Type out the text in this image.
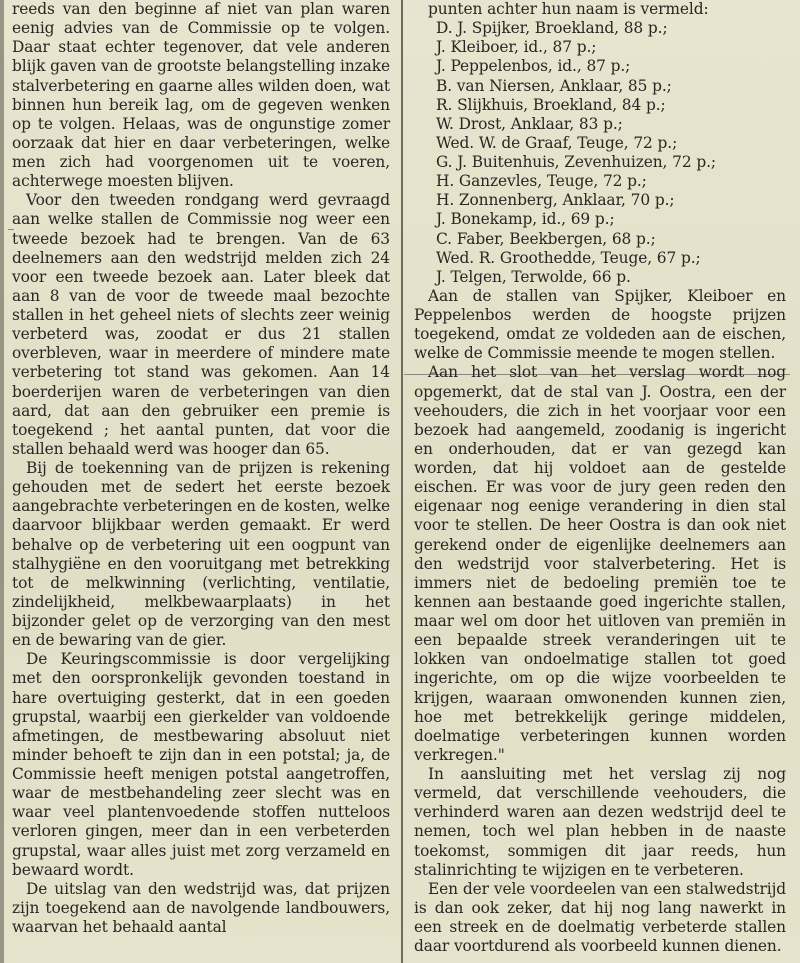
reeds van den beginne af niet van plan waren eenig advies van de Commissie op te volgen. Daar staat echter tegenover, dat vele anderen blijk gaven van de grootste belangstelling inzake stalverbetering en gaarne alles wilden doen, wat binnen hun bereik lag, om de gegeven wenken op te volgen. Helaas, was de ongunstige zomer oorzaak dat hier en daar verbeteringen, welke men zich had voorgenomen uit te voeren, achterwege moesten blijven.

Voor den tweeden rondgang werd gevraagd aan welke stallen de Commissie nog weer een tweede bezoek had te brengen. Van de 63 deelnemers aan den wedstrijd melden zich 24 voor een tweede bezoek aan. Later bleek dat aan 8 van de voor de tweede maal bezochte stallen in het geheel niets of slechts zeer weinig verbeterd was, zoodat er dus 21 stallen overbleven, waar in meerdere of mindere mate verbetering tot stand was gekomen. Aan 14 boerderijen waren de verbeteringen van dien aard, dat aan den gebruiker een premie is toegekend ; het aantal punten, dat voor die stallen behaald werd was hooger dan 65.

Bij de toekenning van de prijzen is rekening gehouden met de sedert het eerste bezoek aangebrachte verbeteringen en de kosten, welke daarvoor blijkbaar werden gemaakt. Er werd behalve op de verbetering uit een oogpunt van stalhygiëne en den vooruitgang met betrekking tot de melkwinning (verlichting, ventilatie, zindelijkheid, melkbewaarplaats) in het bijzonder gelet op de verzorging van den mest en de bewaring van de gier.

De Keuringscommissie is door vergelijking met den oorspronkelijk gevonden toestand in hare overtuiging gesterkt, dat in een goeden grupstal, waarbij een gierkelder van voldoende afmetingen, de mestbewaring absoluut niet minder behoeft te zijn dan in een potstal; ja, de Commissie heeft menigen potstal aangetroffen, waar de mestbehandeling zeer slecht was en waar veel plantenvoedende stoffen nutteloos verloren gingen, meer dan in een verbeterden grupstal, waar alles juist met zorg verzameld en bewaard wordt.

De uitslag van den wedstrijd was, dat prijzen zijn toegekend aan de navolgende landbouwers, waarvan het behaald aantal

punten achter hun naam is vermeld:

D. J. Spijker, Broekland, 88 p.;
J. Kleiboer, id., 87 p.;
J. Peppelenbos, id., 87 p.;
B. van Niersen, Anklaar, 85 p.;
R. Slijkhuis, Broekland, 84 p.;
W. Drost, Anklaar, 83 p.;
Wed. W. de Graaf, Teuge, 72 p.;
G. J. Buitenhuis, Zevenhuizen, 72 p.;
H. Ganzevles, Teuge, 72 p.;
H. Zonnenberg, Anklaar, 70 p.;
J. Bonekamp, id., 69 p.;
C. Faber, Beekbergen, 68 p.;
Wed. R. Groothedde, Teuge, 67 p.;
J. Telgen, Terwolde, 66 p.

Aan de stallen van Spijker, Kleiboer en Peppelenbos werden de hoogste prijzen toegekend, omdat ze voldeden aan de eischen, welke de Commissie meende te mogen stellen.

Aan het slot van het verslag wordt nog opgemerkt, dat de stal van J. Oostra, een der veehouders, die zich in het voorjaar voor een bezoek had aangemeld, zoodanig is ingericht en onderhouden, dat er van gezegd kan worden, dat hij voldoet aan de gestelde eischen. Er was voor de jury geen reden den eigenaar nog eenige verandering in dien stal voor te stellen. De heer Oostra is dan ook niet gerekend onder de eigenlijke deelnemers aan den wedstrijd voor stalverbetering. Het is immers niet de bedoeling premiën toe te kennen aan bestaande goed ingerichte stallen, maar wel om door het uitloven van premiën in een bepaalde streek veranderingen uit te lokken van ondoelmatige stallen tot goed ingerichte, om op die wijze voorbeelden te krijgen, waaraan omwonenden kunnen zien, hoe met betrekkelijk geringe middelen, doelmatige verbeteringen kunnen worden verkregen."

In aansluiting met het verslag zij nog vermeld, dat verschillende veehouders, die verhinderd waren aan dezen wedstrijd deel te nemen, toch wel plan hebben in de naaste toekomst, sommigen dit jaar reeds, hun stalinrichting te wijzigen en te verbeteren.

Een der vele voordeelen van een stalwedstrijd is dan ook zeker, dat hij nog lang nawerkt in een streek en de doelmatig verbeterde stallen daar voortdurend als voorbeeld kunnen dienen.
